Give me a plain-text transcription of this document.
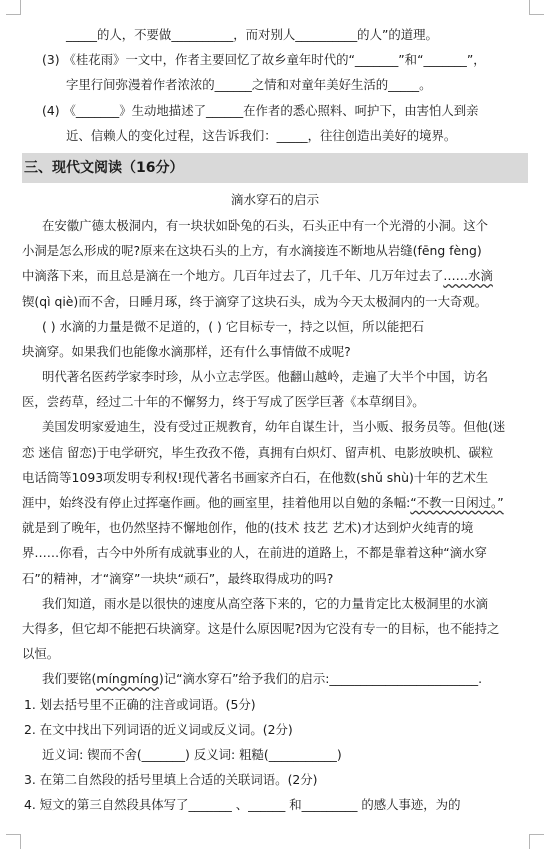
_____的人，不要做__________，而对别人__________的人”的道理。
(3) 《桂花雨》一文中，作者主要回忆了故乡童年时代的“_______”和“_______”，
字里行间弥漫着作者浓浓的______之情和对童年美好生活的_____。
(4) 《_______》生动地描述了______在作者的悉心照料、呵护下，由害怕人到亲
近、信赖人的变化过程，这告诉我们：_____，往往创造出美好的境界。
三、现代文阅读（16分）
滴水穿石的启示
在安徽广德太极洞内，有一块状如卧兔的石头，石头正中有一个光滑的小洞。这个
小洞是怎么形成的呢?原来在这块石头的上方，有水滴接连不断地从岩缝(fēng fèng)
中滴落下来，而且总是滴在一个地方。几百年过去了，几千年、几万年过去了……水滴
锲(qì qiè)而不舍，日睡月琢，终于滴穿了这块石头，成为今天太极洞内的一大奇观。
( ) 水滴的力量是微不足道的，( ) 它目标专一，持之以恒，所以能把石
块滴穿。如果我们也能像水滴那样，还有什么事情做不成呢?
明代著名医药学家李时珍，从小立志学医。他翻山越岭，走遍了大半个中国，访名
医，尝药草，经过二十年的不懈努力，终于写成了医学巨著《本草纲目》。
美国发明家爱迪生，没有受过正规教育，幼年自谋生计，当小贩、报务员等。但他(迷
恋 迷信 留恋)于电学研究，毕生孜孜不倦，真拥有白炽灯、留声机、电影放映机、碳粒
电话筒等1093项发明专利权!现代著名书画家齐白石，在他数(shǔ shù)十年的艺术生
涯中，始终没有停止过挥毫作画。他的画室里，挂着他用以自勉的条幅:“不教一日闲过。”
就是到了晚年，也仍然坚持不懈地创作，他的(技术 技艺 艺术)才达到炉火纯青的境
界……你看，古今中外所有成就事业的人，在前进的道路上，不都是靠着这种“滴水穿
石”的精神，才“滴穿”一块块“顽石”，最终取得成功的吗?
我们知道，雨水是以很快的速度从高空落下来的，它的力量肯定比太极洞里的水滴
大得多，但它却不能把石块滴穿。这是什么原因呢?因为它没有专一的目标，也不能持之
以恒。
我们要铭(míngmíng)记“滴水穿石”给予我们的启示:________________________.
1. 划去括号里不正确的注音或词语。(5分)
2. 在文中找出下列词语的近义词或反义词。(2分)
近义词: 锲而不舍(_______) 反义词: 粗糙(___________)
3. 在第二自然段的括号里填上合适的关联词语。(2分)
4. 短文的第三自然段具体写了_______ 、______ 和_________ 的感人事迹，为的
